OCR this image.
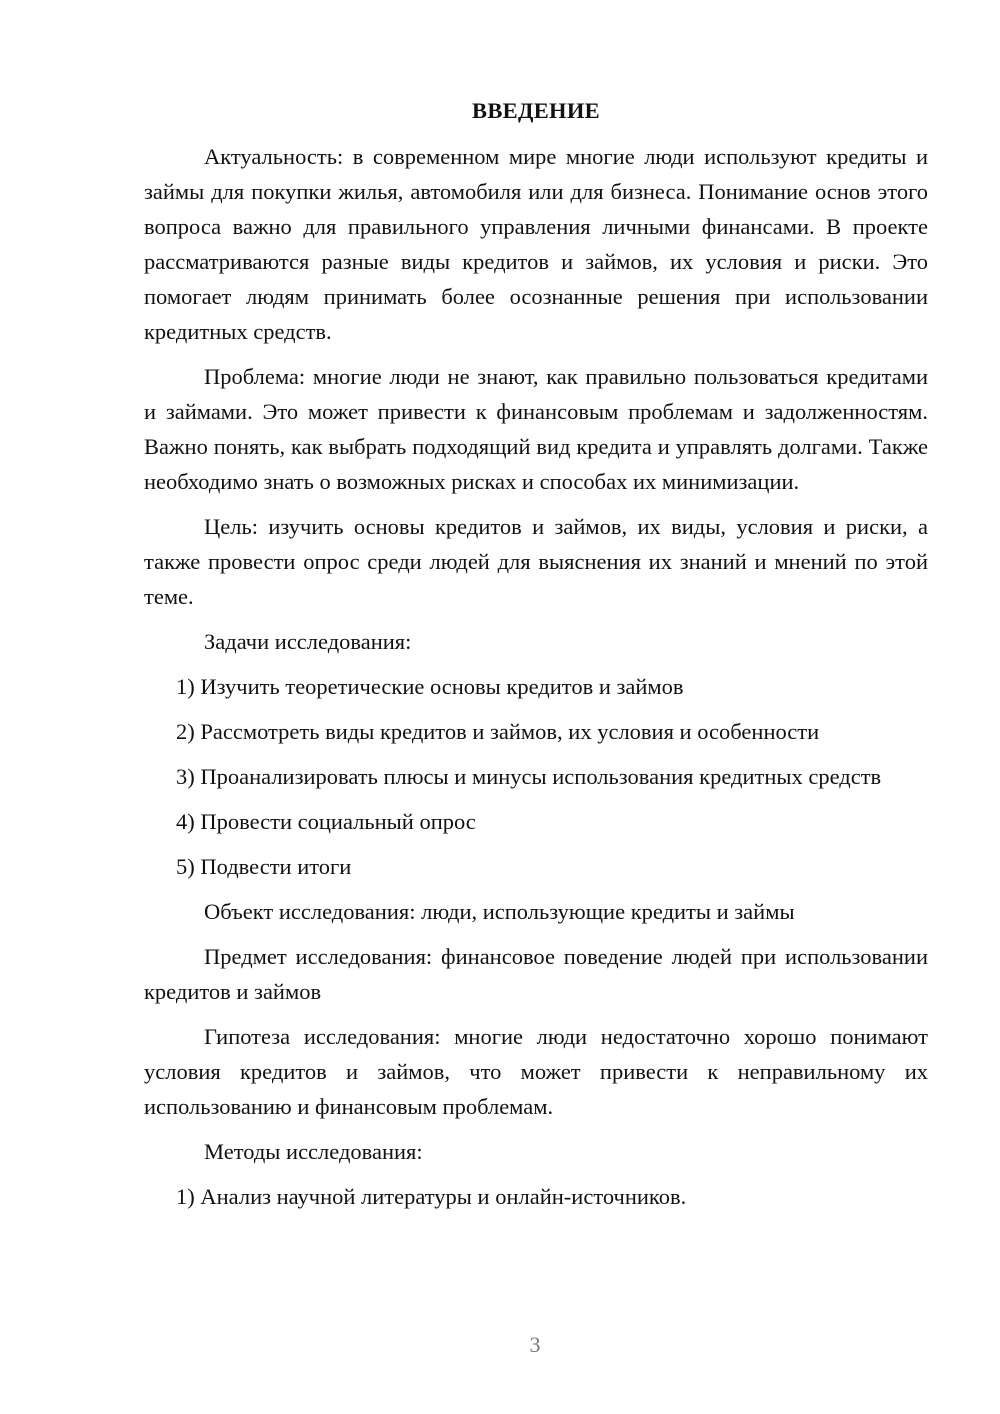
ВВЕДЕНИЕ
Актуальность: в современном мире многие люди используют кредиты и займы для покупки жилья, автомобиля или для бизнеса. Понимание основ этого вопроса важно для правильного управления личными финансами. В проекте рассматриваются разные виды кредитов и займов, их условия и риски. Это помогает людям принимать более осознанные решения при использовании кредитных средств.
Проблема: многие люди не знают, как правильно пользоваться кредитами и займами. Это может привести к финансовым проблемам и задолженностям. Важно понять, как выбрать подходящий вид кредита и управлять долгами. Также необходимо знать о возможных рисках и способах их минимизации.
Цель: изучить основы кредитов и займов, их виды, условия и риски, а также провести опрос среди людей для выяснения их знаний и мнений по этой теме.
Задачи исследования:
1) Изучить теоретические основы кредитов и займов
2) Рассмотреть виды кредитов и займов, их условия и особенности
3) Проанализировать плюсы и минусы использования кредитных средств
4) Провести социальный опрос
5) Подвести итоги
Объект исследования: люди, использующие кредиты и займы
Предмет исследования: финансовое поведение людей при использовании кредитов и займов
Гипотеза исследования: многие люди недостаточно хорошо понимают условия кредитов и займов, что может привести к неправильному их использованию и финансовым проблемам.
Методы исследования:
1) Анализ научной литературы и онлайн-источников.
3
